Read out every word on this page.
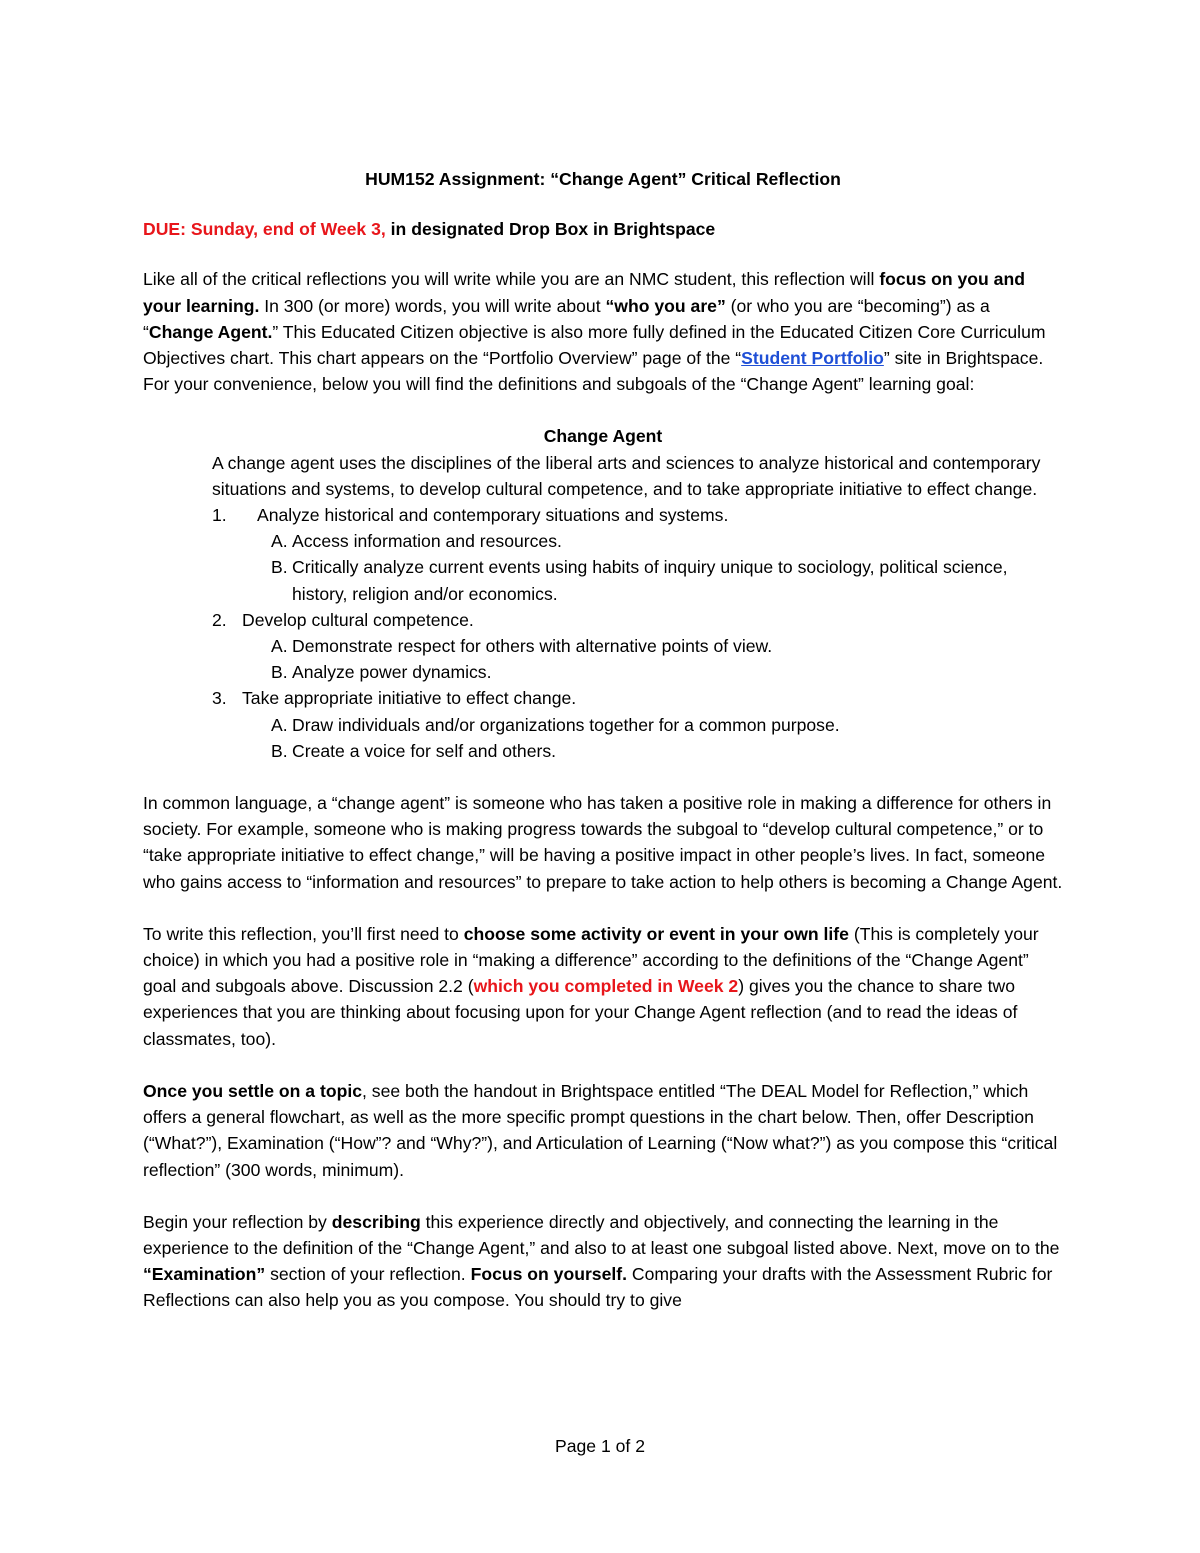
HUM152 Assignment: “Change Agent” Critical Reflection

DUE: Sunday, end of Week 3, in designated Drop Box in Brightspace

Like all of the critical reflections you will write while you are an NMC student, this reflection will focus on you and your learning. In 300 (or more) words, you will write about “who you are” (or who you are “becoming”) as a “Change Agent.” This Educated Citizen objective is also more fully defined in the Educated Citizen Core Curriculum Objectives chart. This chart appears on the “Portfolio Overview” page of the “Student Portfolio” site in Brightspace. For your convenience, below you will find the definitions and subgoals of the “Change Agent” learning goal:

Change Agent

A change agent uses the disciplines of the liberal arts and sciences to analyze historical and contemporary situations and systems, to develop cultural competence, and to take appropriate initiative to effect change.

1. Analyze historical and contemporary situations and systems.
A. Access information and resources.
B. Critically analyze current events using habits of inquiry unique to sociology, political science, history, religion and/or economics.
2. Develop cultural competence.
A. Demonstrate respect for others with alternative points of view.
B. Analyze power dynamics.
3. Take appropriate initiative to effect change.
A. Draw individuals and/or organizations together for a common purpose.
B. Create a voice for self and others.

In common language, a “change agent” is someone who has taken a positive role in making a difference for others in society. For example, someone who is making progress towards the subgoal to “develop cultural competence,” or to “take appropriate initiative to effect change,” will be having a positive impact in other people’s lives. In fact, someone who gains access to “information and resources” to prepare to take action to help others is becoming a Change Agent.

To write this reflection, you’ll first need to choose some activity or event in your own life (This is completely your choice) in which you had a positive role in “making a difference” according to the definitions of the “Change Agent” goal and subgoals above. Discussion 2.2 (which you completed in Week 2) gives you the chance to share two experiences that you are thinking about focusing upon for your Change Agent reflection (and to read the ideas of classmates, too).

Once you settle on a topic, see both the handout in Brightspace entitled “The DEAL Model for Reflection,” which offers a general flowchart, as well as the more specific prompt questions in the chart below. Then, offer Description (“What?”), Examination (“How”? and “Why?”), and Articulation of Learning (“Now what?”) as you compose this “critical reflection” (300 words, minimum).

Begin your reflection by describing this experience directly and objectively, and connecting the learning in the experience to the definition of the “Change Agent,” and also to at least one subgoal listed above. Next, move on to the “Examination” section of your reflection. Focus on yourself. Comparing your drafts with the Assessment Rubric for Reflections can also help you as you compose. You should try to give

Page 1 of 2
